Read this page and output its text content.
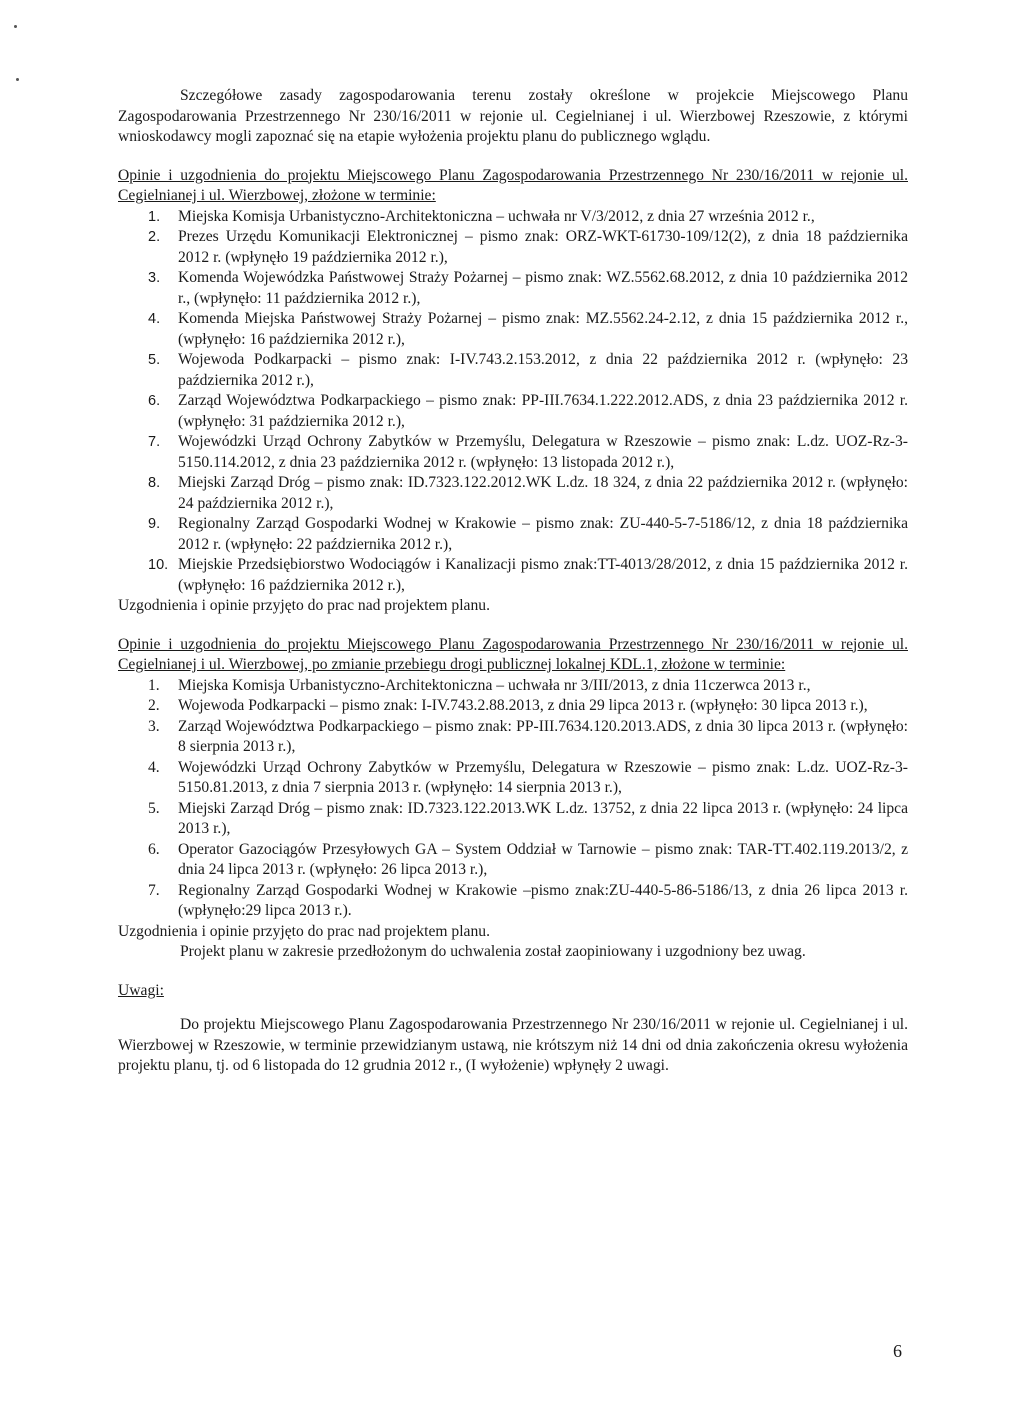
Szczegółowe zasady zagospodarowania terenu zostały określone w projekcie Miejscowego Planu Zagospodarowania Przestrzennego Nr 230/16/2011 w rejonie ul. Cegielnianej i ul. Wierzbowej Rzeszowie, z którymi wnioskodawcy mogli zapoznać się na etapie wyłożenia projektu planu do publicznego wglądu.

Opinie i uzgodnienia do projektu Miejscowego Planu Zagospodarowania Przestrzennego Nr 230/16/2011 w rejonie ul. Cegielnianej i ul. Wierzbowej, złożone w terminie:

1. Miejska Komisja Urbanistyczno-Architektoniczna – uchwała nr V/3/2012, z dnia 27 września 2012 r.,
2. Prezes Urzędu Komunikacji Elektronicznej – pismo znak: ORZ-WKT-61730-109/12(2), z dnia 18 października 2012 r. (wpłynęło 19 października 2012 r.),
3. Komenda Wojewódzka Państwowej Straży Pożarnej – pismo znak: WZ.5562.68.2012, z dnia 10 października 2012 r., (wpłynęło: 11 października 2012 r.),
4. Komenda Miejska Państwowej Straży Pożarnej – pismo znak: MZ.5562.24-2.12, z dnia 15 października 2012 r., (wpłynęło: 16 października 2012 r.),
5. Wojewoda Podkarpacki – pismo znak: I-IV.743.2.153.2012, z dnia 22 października 2012 r. (wpłynęło: 23 października 2012 r.),
6. Zarząd Województwa Podkarpackiego – pismo znak: PP-III.7634.1.222.2012.ADS, z dnia 23 października 2012 r. (wpłynęło: 31 października 2012 r.),
7. Wojewódzki Urząd Ochrony Zabytków w Przemyślu, Delegatura w Rzeszowie – pismo znak: L.dz. UOZ-Rz-3-5150.114.2012, z dnia 23 października 2012 r. (wpłynęło: 13 listopada 2012 r.),
8. Miejski Zarząd Dróg – pismo znak: ID.7323.122.2012.WK L.dz. 18 324, z dnia 22 października 2012 r. (wpłynęło: 24 października 2012 r.),
9. Regionalny Zarząd Gospodarki Wodnej w Krakowie – pismo znak: ZU-440-5-7-5186/12, z dnia 18 października 2012 r. (wpłynęło: 22 października 2012 r.),
10. Miejskie Przedsiębiorstwo Wodociągów i Kanalizacji pismo znak:TT-4013/28/2012, z dnia 15 października 2012 r. (wpłynęło: 16 października 2012 r.),

Uzgodnienia i opinie przyjęto do prac nad projektem planu.

Opinie i uzgodnienia do projektu Miejscowego Planu Zagospodarowania Przestrzennego Nr 230/16/2011 w rejonie ul. Cegielnianej i ul. Wierzbowej, po zmianie przebiegu drogi publicznej lokalnej KDL.1, złożone w terminie:

1. Miejska Komisja Urbanistyczno-Architektoniczna – uchwała nr 3/III/2013, z dnia 11czerwca 2013 r.,
2. Wojewoda Podkarpacki – pismo znak: I-IV.743.2.88.2013, z dnia 29 lipca 2013 r. (wpłynęło: 30 lipca 2013 r.),
3. Zarząd Województwa Podkarpackiego – pismo znak: PP-III.7634.120.2013.ADS, z dnia 30 lipca 2013 r. (wpłynęło: 8 sierpnia 2013 r.),
4. Wojewódzki Urząd Ochrony Zabytków w Przemyślu, Delegatura w Rzeszowie – pismo znak: L.dz. UOZ-Rz-3-5150.81.2013, z dnia 7 sierpnia 2013 r. (wpłynęło: 14 sierpnia 2013 r.),
5. Miejski Zarząd Dróg – pismo znak: ID.7323.122.2013.WK L.dz. 13752, z dnia 22 lipca 2013 r. (wpłynęło: 24 lipca 2013 r.),
6. Operator Gazociągów Przesyłowych GA – System Oddział w Tarnowie – pismo znak: TAR-TT.402.119.2013/2, z dnia 24 lipca 2013 r. (wpłynęło: 26 lipca 2013 r.),
7. Regionalny Zarząd Gospodarki Wodnej w Krakowie –pismo znak:ZU-440-5-86-5186/13, z dnia 26 lipca 2013 r. (wpłynęło:29 lipca 2013 r.).

Uzgodnienia i opinie przyjęto do prac nad projektem planu.

Projekt planu w zakresie przedłożonym do uchwalenia został zaopiniowany i uzgodniony bez uwag.

Uwagi:

Do projektu Miejscowego Planu Zagospodarowania Przestrzennego Nr 230/16/2011 w rejonie ul. Cegielnianej i ul. Wierzbowej w Rzeszowie, w terminie przewidzianym ustawą, nie krótszym niż 14 dni od dnia zakończenia okresu wyłożenia projektu planu, tj. od 6 listopada do 12 grudnia 2012 r., (I wyłożenie) wpłynęły 2 uwagi.

6
